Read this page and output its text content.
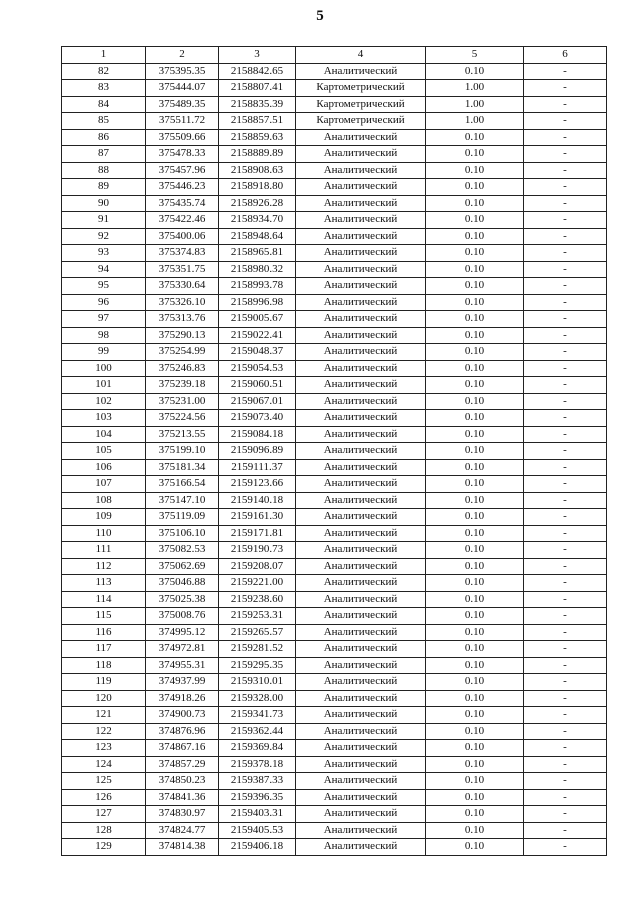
5
1	2	3	4	5	6
82	375395.35	2158842.65	Аналитический	0.10	-
83	375444.07	2158807.41	Картометрический	1.00	-
84	375489.35	2158835.39	Картометрический	1.00	-
85	375511.72	2158857.51	Картометрический	1.00	-
86	375509.66	2158859.63	Аналитический	0.10	-
87	375478.33	2158889.89	Аналитический	0.10	-
88	375457.96	2158908.63	Аналитический	0.10	-
89	375446.23	2158918.80	Аналитический	0.10	-
90	375435.74	2158926.28	Аналитический	0.10	-
91	375422.46	2158934.70	Аналитический	0.10	-
92	375400.06	2158948.64	Аналитический	0.10	-
93	375374.83	2158965.81	Аналитический	0.10	-
94	375351.75	2158980.32	Аналитический	0.10	-
95	375330.64	2158993.78	Аналитический	0.10	-
96	375326.10	2158996.98	Аналитический	0.10	-
97	375313.76	2159005.67	Аналитический	0.10	-
98	375290.13	2159022.41	Аналитический	0.10	-
99	375254.99	2159048.37	Аналитический	0.10	-
100	375246.83	2159054.53	Аналитический	0.10	-
101	375239.18	2159060.51	Аналитический	0.10	-
102	375231.00	2159067.01	Аналитический	0.10	-
103	375224.56	2159073.40	Аналитический	0.10	-
104	375213.55	2159084.18	Аналитический	0.10	-
105	375199.10	2159096.89	Аналитический	0.10	-
106	375181.34	2159111.37	Аналитический	0.10	-
107	375166.54	2159123.66	Аналитический	0.10	-
108	375147.10	2159140.18	Аналитический	0.10	-
109	375119.09	2159161.30	Аналитический	0.10	-
110	375106.10	2159171.81	Аналитический	0.10	-
111	375082.53	2159190.73	Аналитический	0.10	-
112	375062.69	2159208.07	Аналитический	0.10	-
113	375046.88	2159221.00	Аналитический	0.10	-
114	375025.38	2159238.60	Аналитический	0.10	-
115	375008.76	2159253.31	Аналитический	0.10	-
116	374995.12	2159265.57	Аналитический	0.10	-
117	374972.81	2159281.52	Аналитический	0.10	-
118	374955.31	2159295.35	Аналитический	0.10	-
119	374937.99	2159310.01	Аналитический	0.10	-
120	374918.26	2159328.00	Аналитический	0.10	-
121	374900.73	2159341.73	Аналитический	0.10	-
122	374876.96	2159362.44	Аналитический	0.10	-
123	374867.16	2159369.84	Аналитический	0.10	-
124	374857.29	2159378.18	Аналитический	0.10	-
125	374850.23	2159387.33	Аналитический	0.10	-
126	374841.36	2159396.35	Аналитический	0.10	-
127	374830.97	2159403.31	Аналитический	0.10	-
128	374824.77	2159405.53	Аналитический	0.10	-
129	374814.38	2159406.18	Аналитический	0.10	-
